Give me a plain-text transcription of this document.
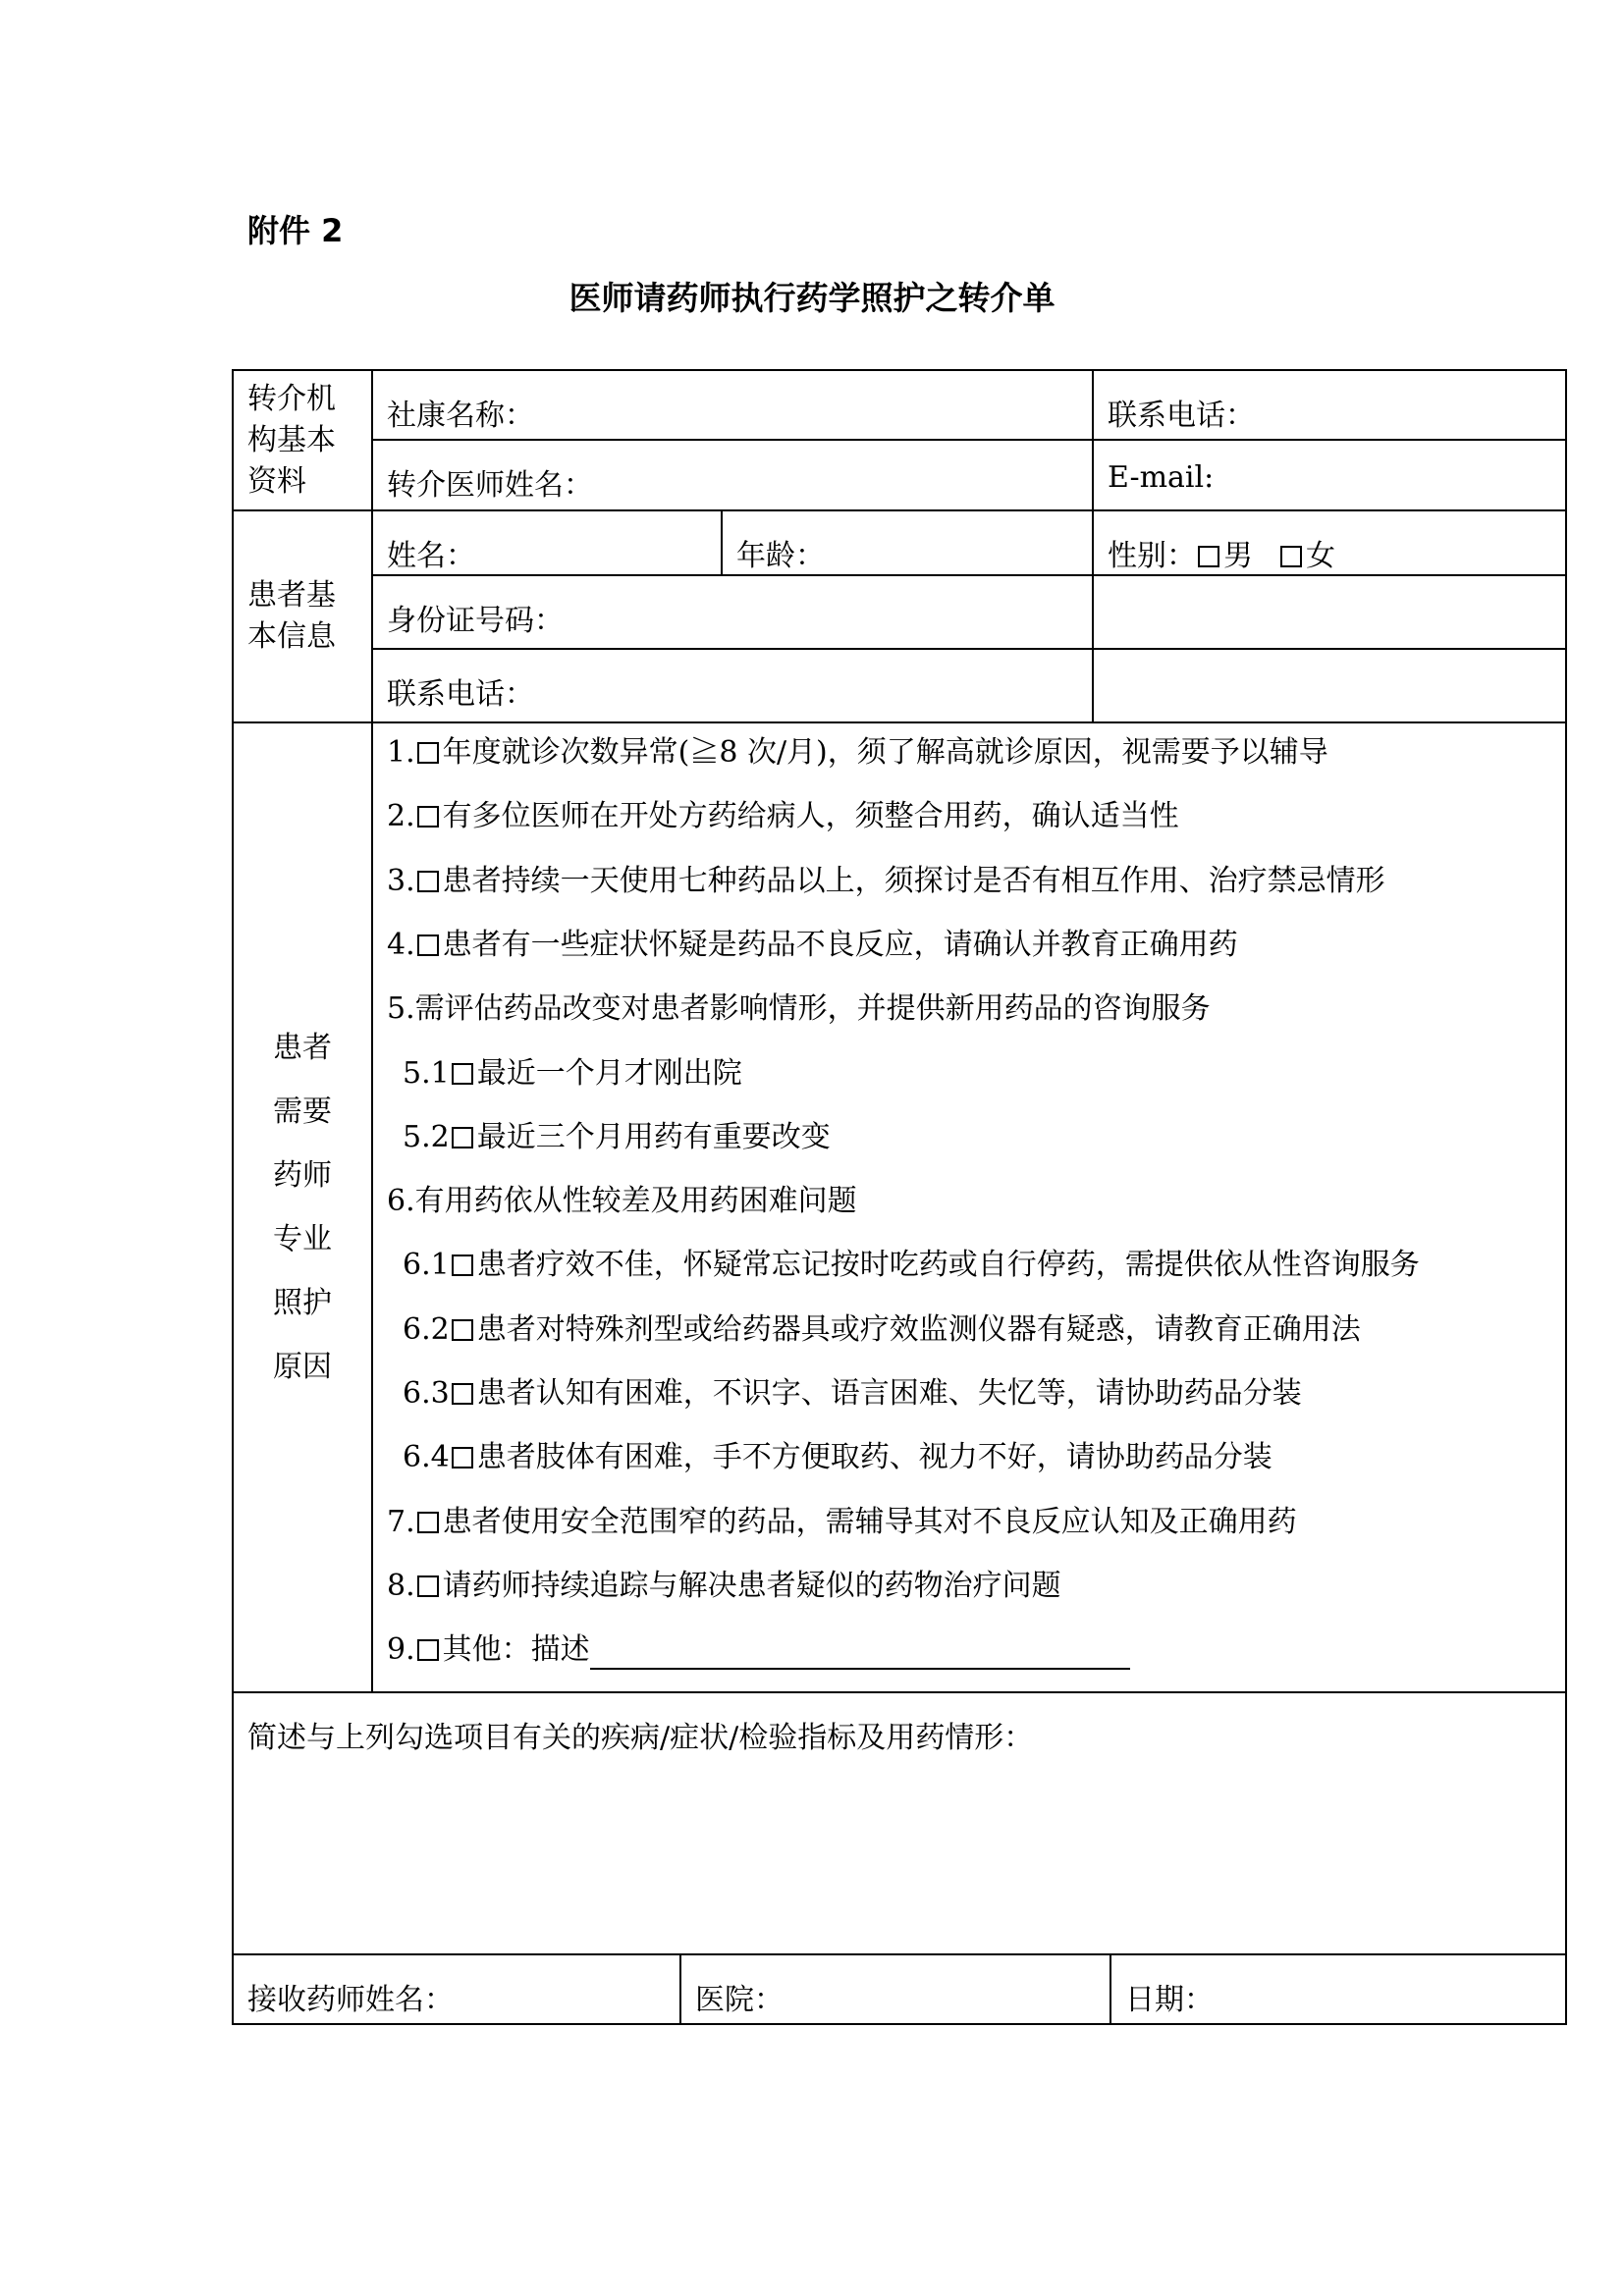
附件 2
医师请药师执行药学照护之转介单
转介机
构基本
资料
社康名称：	联系电话：
转介医师姓名：	E-mail:
患者基
本信息
姓名：	年龄：	性别： 男 女
身份证号码：
联系电话：
患者
需要
药师
专业
照护
原因
1. 年度就诊次数异常(≧8 次/月)，须了解高就诊原因，视需要予以辅导
2. 有多位医师在开处方药给病人，须整合用药，确认适当性
3. 患者持续一天使用七种药品以上，须探讨是否有相互作用、治疗禁忌情形
4. 患者有一些症状怀疑是药品不良反应，请确认并教育正确用药
5.需评估药品改变对患者影响情形，并提供新用药品的咨询服务
5.1 最近一个月才刚出院
5.2 最近三个月用药有重要改变
6.有用药依从性较差及用药困难问题
6.1 患者疗效不佳，怀疑常忘记按时吃药或自行停药，需提供依从性咨询服务
6.2 患者对特殊剂型或给药器具或疗效监测仪器有疑惑，请教育正确用法
6.3 患者认知有困难，不识字、语言困难、失忆等，请协助药品分装
6.4 患者肢体有困难，手不方便取药、视力不好，请协助药品分装
7. 患者使用安全范围窄的药品，需辅导其对不良反应认知及正确用药
8. 请药师持续追踪与解决患者疑似的药物治疗问题
9. 其他：描述
简述与上列勾选项目有关的疾病/症状/检验指标及用药情形：
接收药师姓名：	医院：	日期：
